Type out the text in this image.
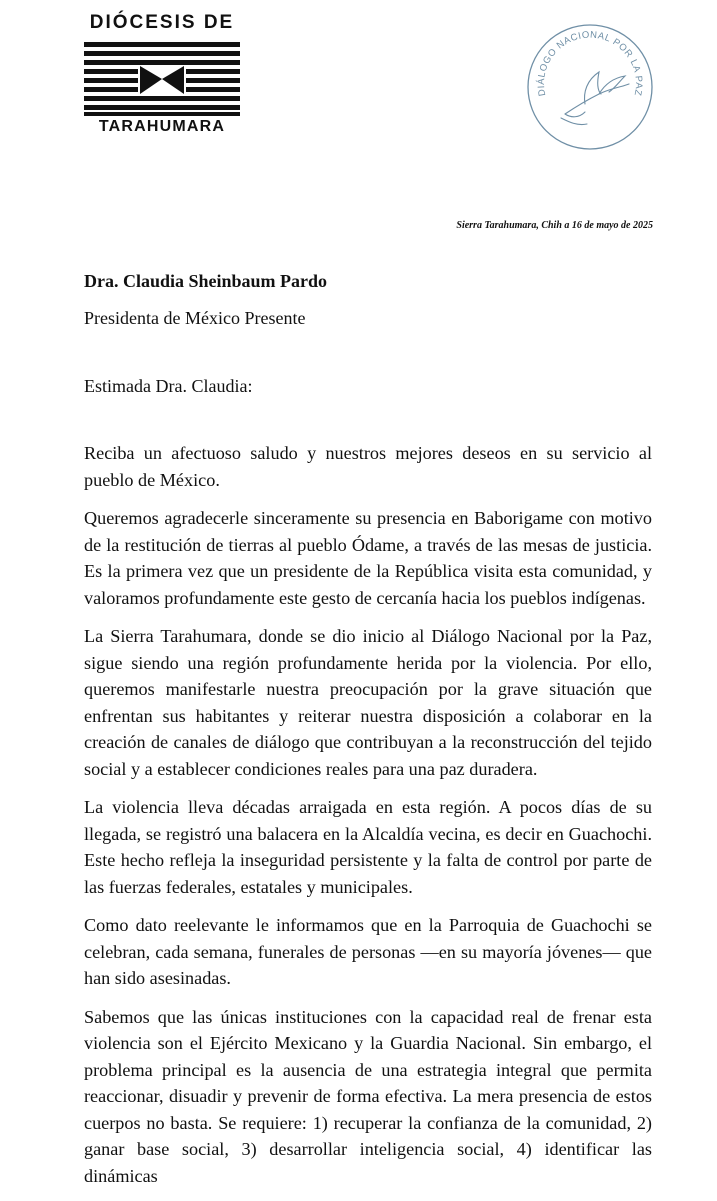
DIÓCESIS DE
TARAHUMARA
DIÁLOGO NACIONAL POR LA PAZ
Sierra Tarahumara, Chih a 16 de mayo de 2025
Dra. Claudia Sheinbaum Pardo
Presidenta de México Presente
Estimada Dra. Claudia:

Reciba un afectuoso saludo y nuestros mejores deseos en su servicio al pueblo de México.

Queremos agradecerle sinceramente su presencia en Baborigame con motivo de la restitución de tierras al pueblo Ódame, a través de las mesas de justicia. Es la primera vez que un presidente de la República visita esta comunidad, y valoramos profundamente este gesto de cercanía hacia los pueblos indígenas.

La Sierra Tarahumara, donde se dio inicio al Diálogo Nacional por la Paz, sigue siendo una región profundamente herida por la violencia. Por ello, queremos manifestarle nuestra preocupación por la grave situación que enfrentan sus habitantes y reiterar nuestra disposición a colaborar en la creación de canales de diálogo que contribuyan a la reconstrucción del tejido social y a establecer condiciones reales para una paz duradera.

La violencia lleva décadas arraigada en esta región. A pocos días de su llegada, se registró una balacera en la Alcaldía vecina, es decir en Guachochi. Este hecho refleja la inseguridad persistente y la falta de control por parte de las fuerzas federales, estatales y municipales.

Como dato reelevante le informamos que en la Parroquia de Guachochi se celebran, cada semana, funerales de personas —en su mayoría jóvenes— que han sido asesinadas.

Sabemos que las únicas instituciones con la capacidad real de frenar esta violencia son el Ejército Mexicano y la Guardia Nacional. Sin embargo, el problema principal es la ausencia de una estrategia integral que permita reaccionar, disuadir y prevenir de forma efectiva. La mera presencia de estos cuerpos no basta. Se requiere: 1) recuperar la confianza de la comunidad, 2) ganar base social, 3) desarrollar inteligencia social, 4) identificar las dinámicas
